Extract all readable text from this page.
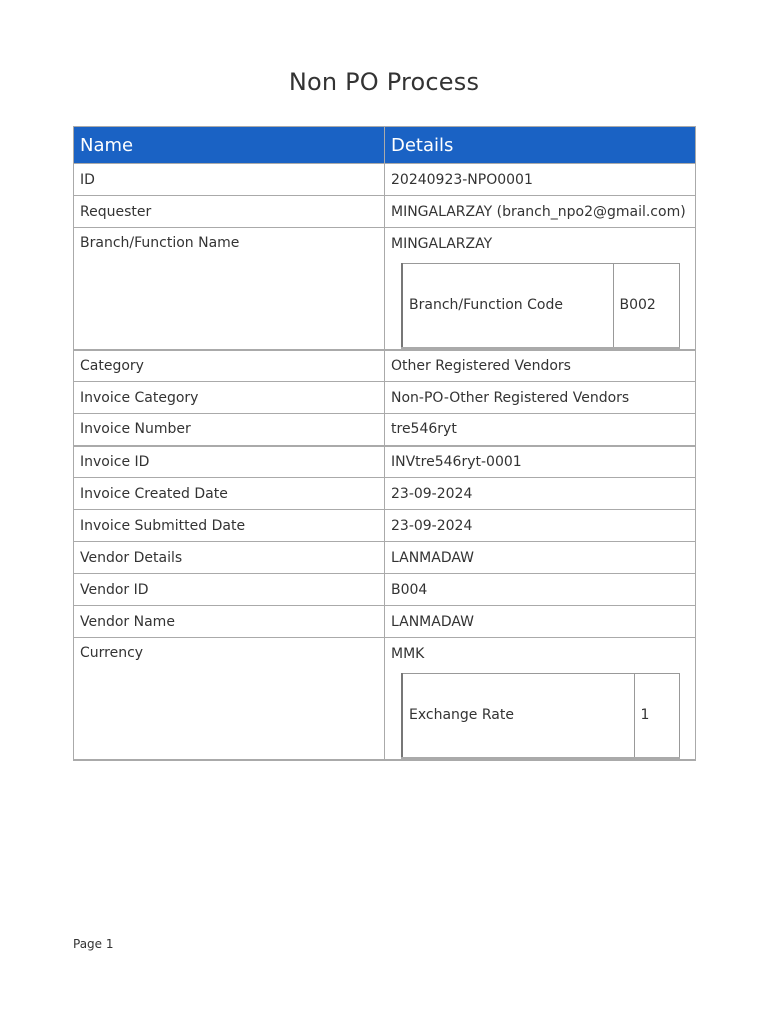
Non PO Process
Name	Details
ID	20240923-NPO0001
Requester	MINGALARZAY (branch_npo2@gmail.com)
Branch/Function Name	MINGALARZAY
Branch/Function Code	B002

Category	Other Registered Vendors
Invoice Category	Non-PO-Other Registered Vendors
Invoice Number	tre546ryt
Invoice ID	INVtre546ryt-0001
Invoice Created Date	23-09-2024
Invoice Submitted Date	23-09-2024
Vendor Details	LANMADAW
Vendor ID	B004
Vendor Name	LANMADAW
Currency	MMK
Exchange Rate	1
Page 1
